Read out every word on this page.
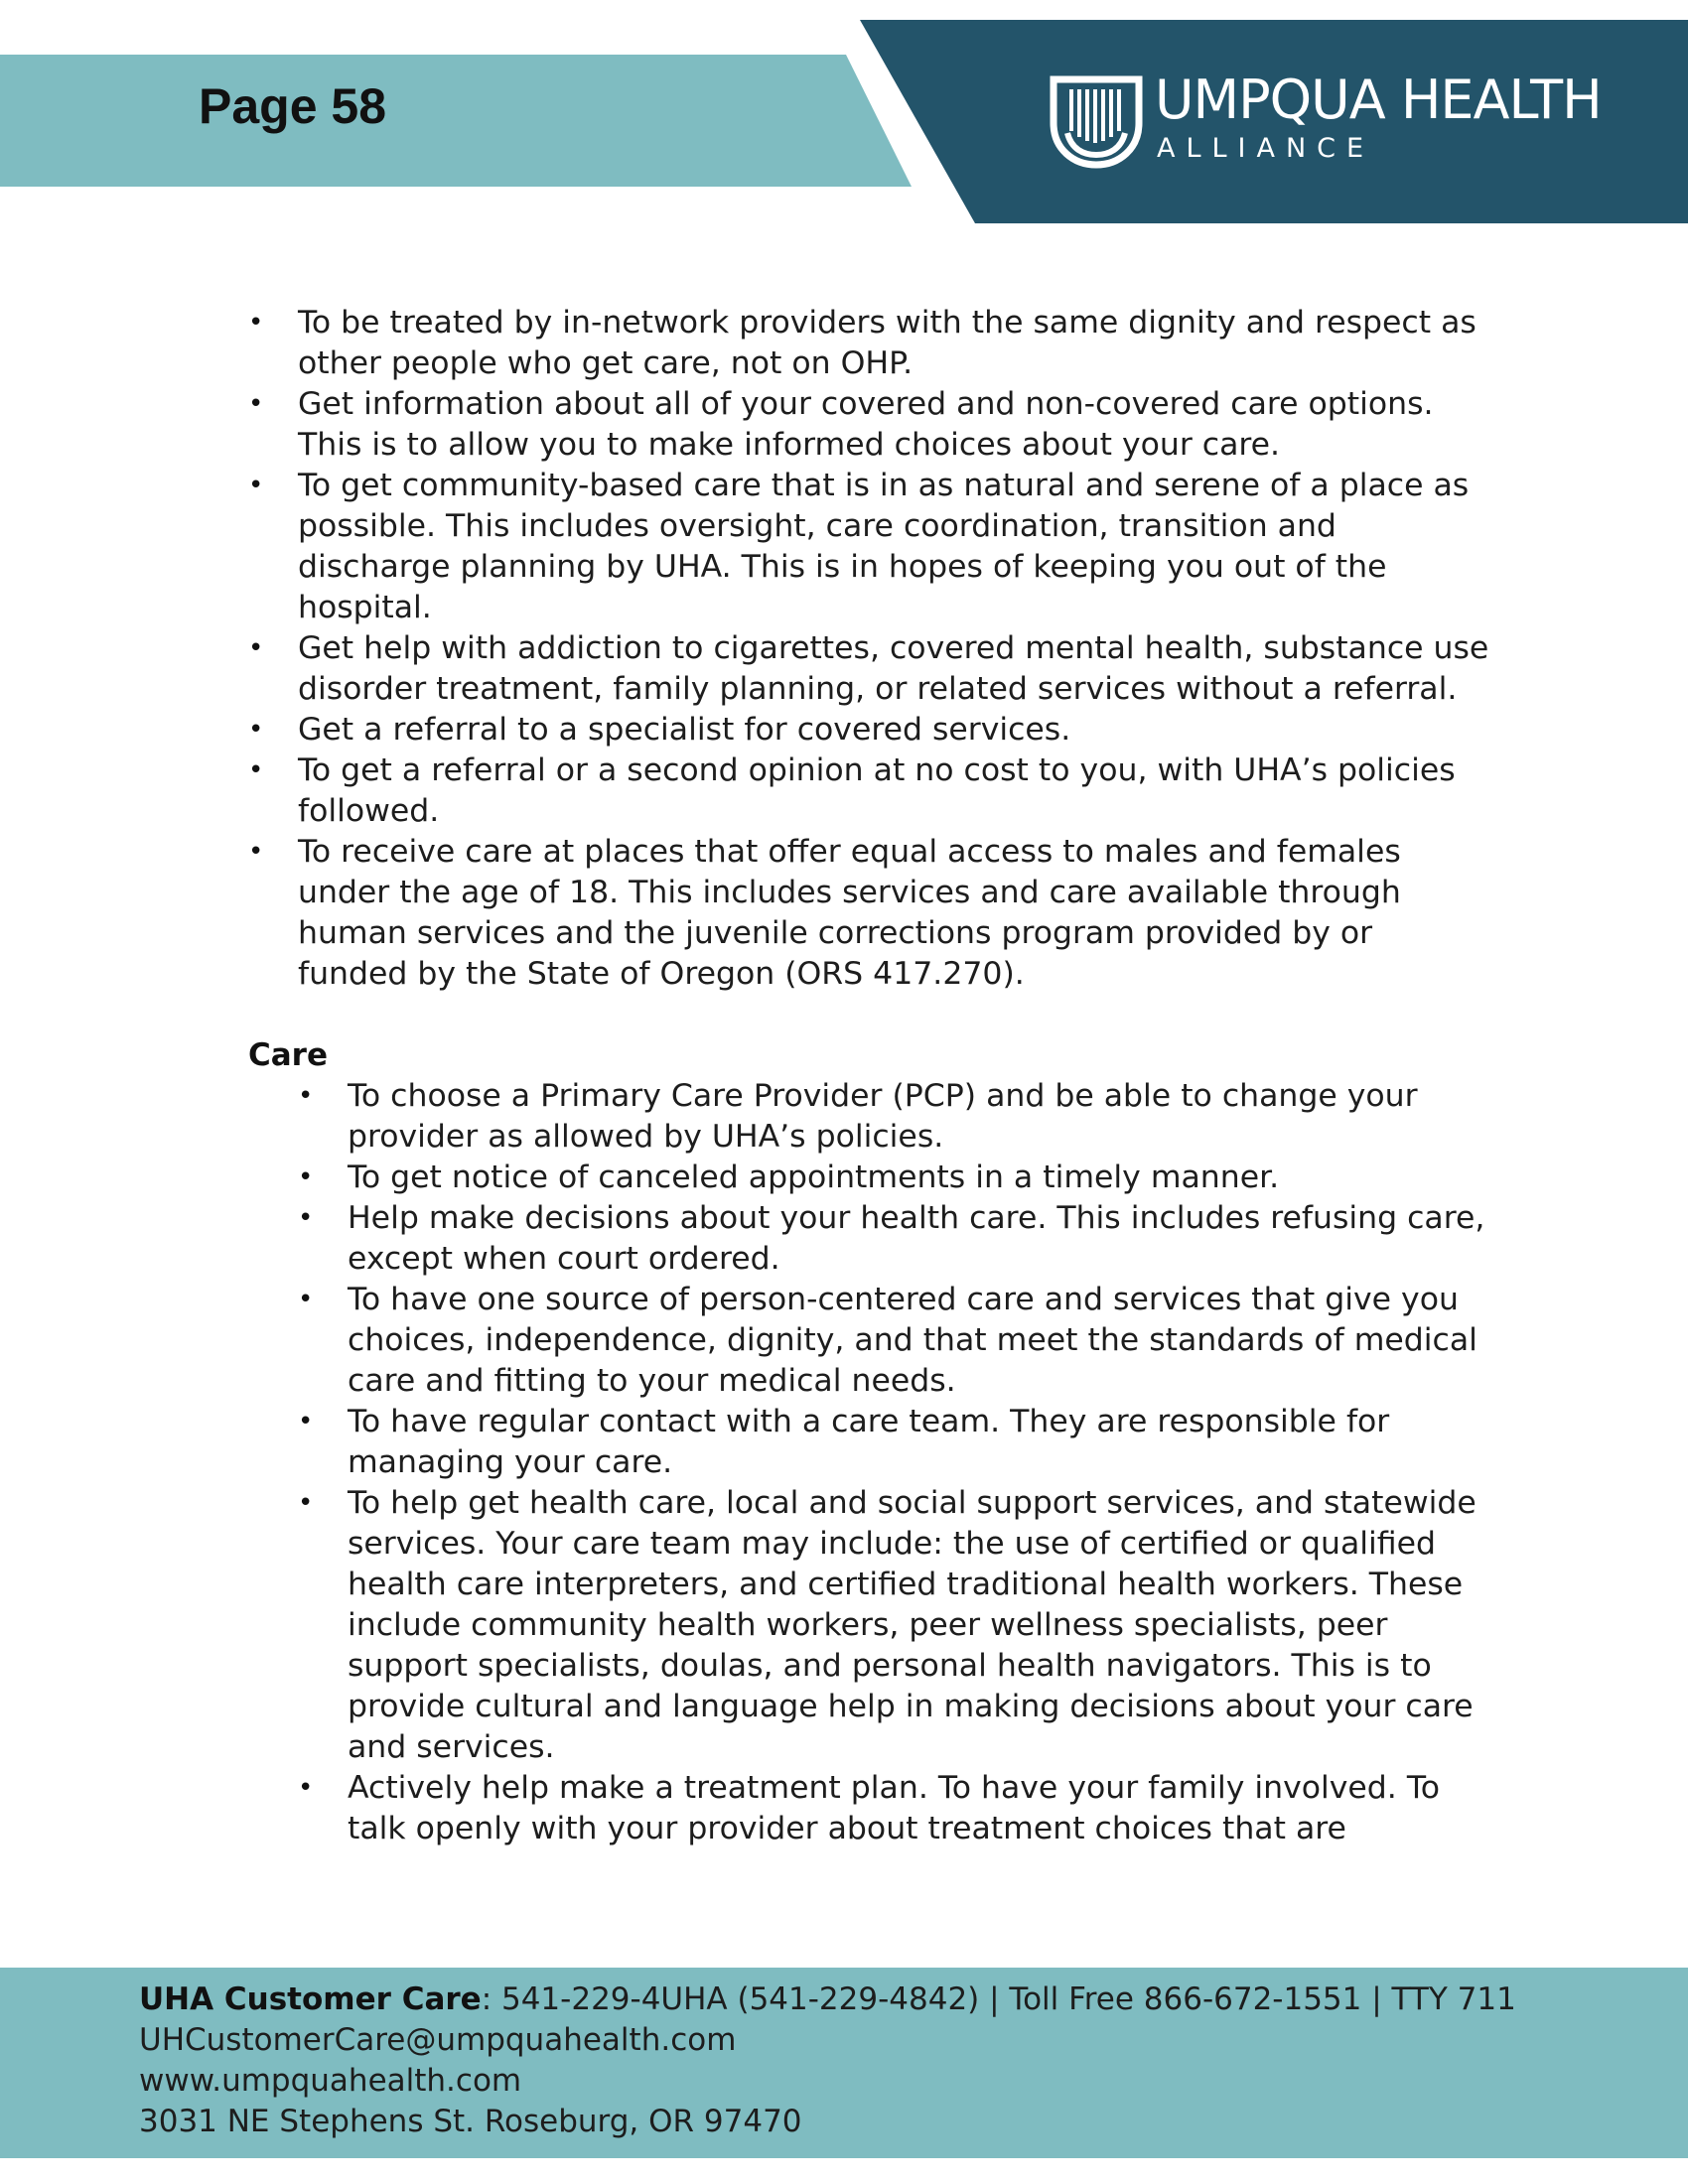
Page 58	UMPQUA HEALTH
ALLIANCE
• To be treated by in-network providers with the same dignity and respect as other people who get care, not on OHP.
• Get information about all of your covered and non-covered care options. This is to allow you to make informed choices about your care.
• To get community-based care that is in as natural and serene of a place as possible. This includes oversight, care coordination, transition and discharge planning by UHA. This is in hopes of keeping you out of the hospital.
• Get help with addiction to cigarettes, covered mental health, substance use disorder treatment, family planning, or related services without a referral.
• Get a referral to a specialist for covered services.
• To get a referral or a second opinion at no cost to you, with UHA’s policies followed.
• To receive care at places that offer equal access to males and females under the age of 18. This includes services and care available through human services and the juvenile corrections program provided by or funded by the State of Oregon (ORS 417.270).
Care
• To choose a Primary Care Provider (PCP) and be able to change your provider as allowed by UHA’s policies.
• To get notice of canceled appointments in a timely manner.
• Help make decisions about your health care. This includes refusing care, except when court ordered.
• To have one source of person-centered care and services that give you choices, independence, dignity, and that meet the standards of medical care and fitting to your medical needs.
• To have regular contact with a care team. They are responsible for managing your care.
• To help get health care, local and social support services, and statewide services. Your care team may include: the use of certified or qualified health care interpreters, and certified traditional health workers. These include community health workers, peer wellness specialists, peer support specialists, doulas, and personal health navigators. This is to provide cultural and language help in making decisions about your care and services.
• Actively help make a treatment plan. To have your family involved. To talk openly with your provider about treatment choices that are
UHA Customer Care: 541-229-4UHA (541-229-4842) | Toll Free 866-672-1551 | TTY 711
UHCustomerCare@umpquahealth.com
www.umpquahealth.com
3031 NE Stephens St. Roseburg, OR 97470
